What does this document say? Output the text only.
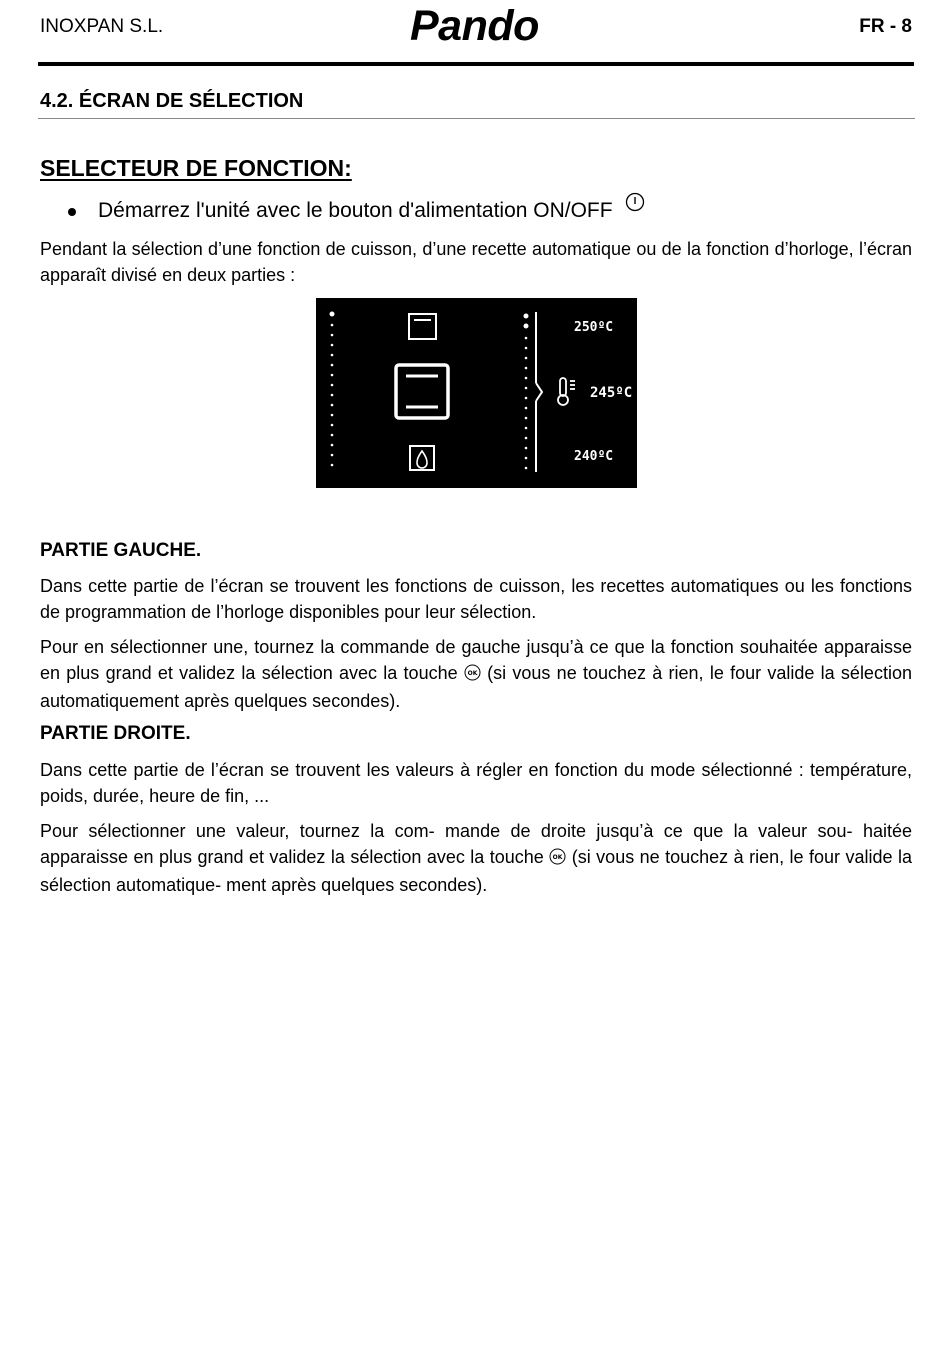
INOXPAN S.L.	Pando	FR - 8
4.2. ÉCRAN DE SÉLECTION
SELECTEUR DE FONCTION:
Démarrez l'unité avec le bouton d'alimentation ON/OFF
Pendant la sélection d’une fonction de cuisson, d’une recette automatique ou de la fonction d’horloge, l’écran apparaît divisé en deux parties :
250ºC
245ºC
240ºC
PARTIE GAUCHE.
Dans cette partie de l’écran se trouvent les fonctions de cuisson, les recettes automatiques ou les fonctions de programmation de l’horloge disponibles pour leur sélection.
Pour en sélectionner une, tournez la commande de gauche jusqu’à ce que la fonction souhaitée apparaisse en plus grand et validez la sélection avec la touche OK (si vous ne touchez à rien, le four valide la sélection automatiquement après quelques secondes).
PARTIE DROITE.
Dans cette partie de l’écran se trouvent les valeurs à régler en fonction du mode sélectionné : température, poids, durée, heure de fin, ...
Pour sélectionner une valeur, tournez la com- mande de droite jusqu’à ce que la valeur sou- haitée apparaisse en plus grand et validez la sélection avec la touche OK (si vous ne touchez à rien, le four valide la sélection automatique- ment après quelques secondes).
